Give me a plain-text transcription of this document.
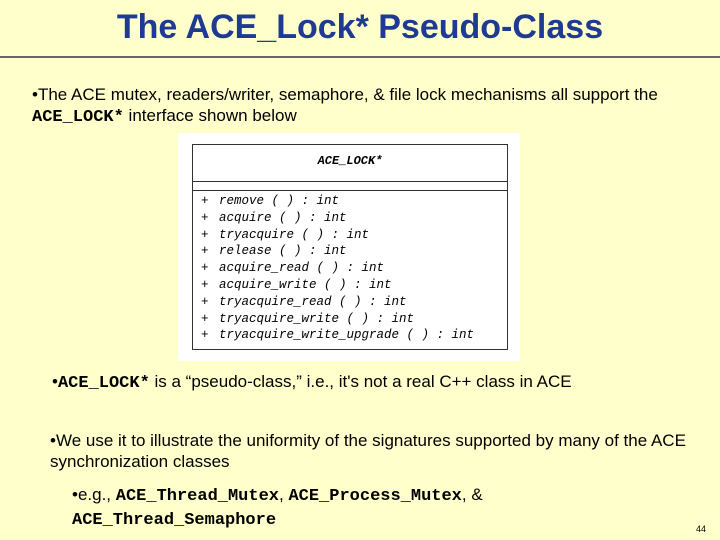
The ACE_Lock* Pseudo-Class
•The ACE mutex, readers/writer, semaphore, & file lock mechanisms all support the ACE_LOCK* interface shown below
ACE_LOCK*
+ remove ( ) : int
+ acquire ( ) : int
+ tryacquire ( ) : int
+ release ( ) : int
+ acquire_read ( ) : int
+ acquire_write ( ) : int
+ tryacquire_read ( ) : int
+ tryacquire_write ( ) : int
+ tryacquire_write_upgrade ( ) : int
•ACE_LOCK* is a “pseudo-class,” i.e., it's not a real C++ class in ACE
•We use it to illustrate the uniformity of the signatures supported by many of the ACE synchronization classes
•e.g., ACE_Thread_Mutex, ACE_Process_Mutex, &
ACE_Thread_Semaphore	44
